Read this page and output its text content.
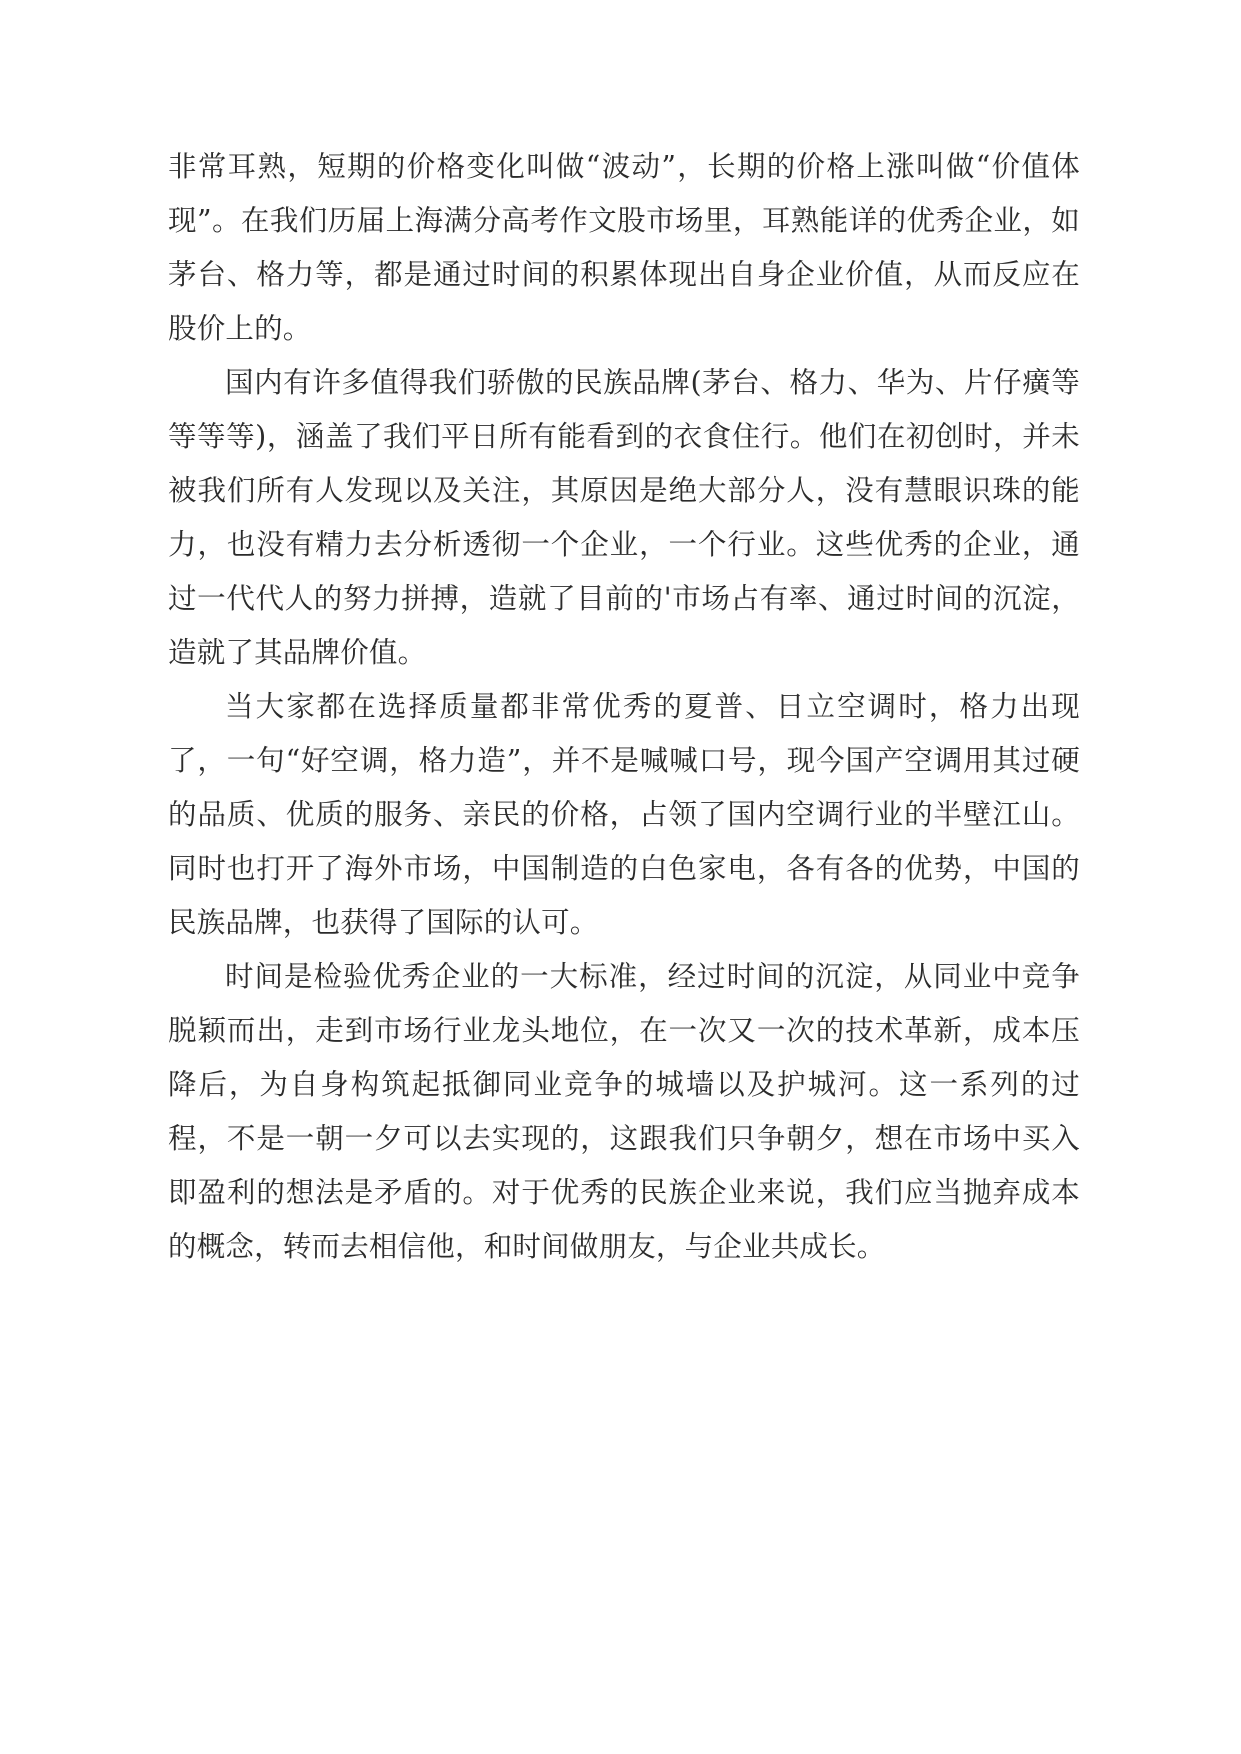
非常耳熟，短期的价格变化叫做“波动”，长期的价格上涨叫做“价值体现”。在我们历届上海满分高考作文股市场里，耳熟能详的优秀企业，如茅台、格力等，都是通过时间的积累体现出自身企业价值，从而反应在股价上的。

国内有许多值得我们骄傲的民族品牌(茅台、格力、华为、片仔癀等等等等)，涵盖了我们平日所有能看到的衣食住行。他们在初创时，并未被我们所有人发现以及关注，其原因是绝大部分人，没有慧眼识珠的能力，也没有精力去分析透彻一个企业，一个行业。这些优秀的企业，通过一代代人的努力拼搏，造就了目前的'市场占有率、通过时间的沉淀，造就了其品牌价值。

当大家都在选择质量都非常优秀的夏普、日立空调时，格力出现了，一句“好空调，格力造”，并不是喊喊口号，现今国产空调用其过硬的品质、优质的服务、亲民的价格，占领了国内空调行业的半壁江山。同时也打开了海外市场，中国制造的白色家电，各有各的优势，中国的民族品牌，也获得了国际的认可。

时间是检验优秀企业的一大标准，经过时间的沉淀，从同业中竞争脱颖而出，走到市场行业龙头地位，在一次又一次的技术革新，成本压降后，为自身构筑起抵御同业竞争的城墙以及护城河。这一系列的过程，不是一朝一夕可以去实现的，这跟我们只争朝夕，想在市场中买入即盈利的想法是矛盾的。对于优秀的民族企业来说，我们应当抛弃成本的概念，转而去相信他，和时间做朋友，与企业共成长。
